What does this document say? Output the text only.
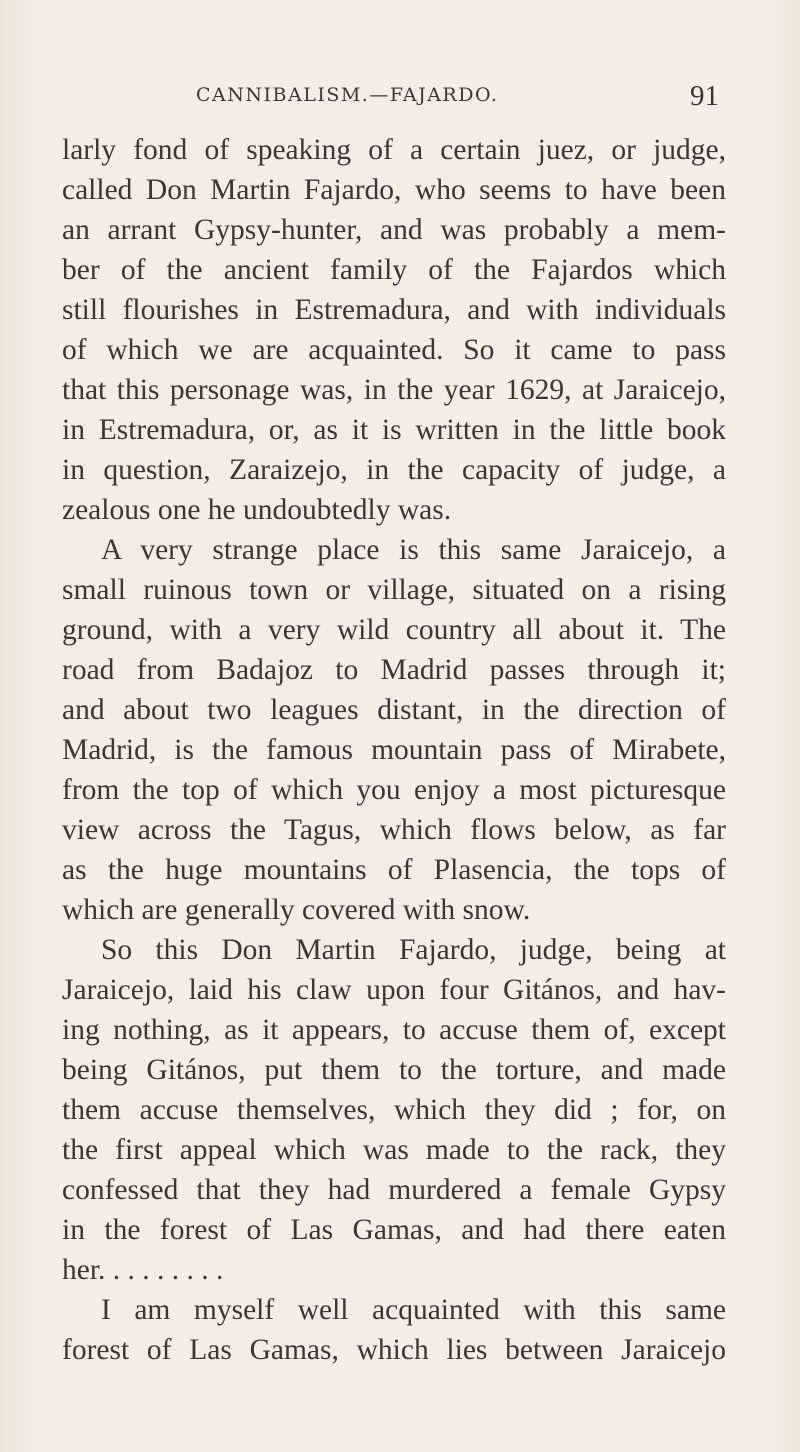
CANNIBALISM.—FAJARDO.	91
larly fond of speaking of a certain juez, or judge,
called Don Martin Fajardo, who seems to have been
an arrant Gypsy-hunter, and was probably a mem-
ber of the ancient family of the Fajardos which
still flourishes in Estremadura, and with individuals
of which we are acquainted. So it came to pass
that this personage was, in the year 1629, at Jaraicejo,
in Estremadura, or, as it is written in the little book
in question, Zaraizejo, in the capacity of judge, a
zealous one he undoubtedly was.
A very strange place is this same Jaraicejo, a
small ruinous town or village, situated on a rising
ground, with a very wild country all about it. The
road from Badajoz to Madrid passes through it;
and about two leagues distant, in the direction of
Madrid, is the famous mountain pass of Mirabete,
from the top of which you enjoy a most picturesque
view across the Tagus, which flows below, as far
as the huge mountains of Plasencia, the tops of
which are generally covered with snow.
So this Don Martin Fajardo, judge, being at
Jaraicejo, laid his claw upon four Gitános, and hav-
ing nothing, as it appears, to accuse them of, except
being Gitános, put them to the torture, and made
them accuse themselves, which they did ; for, on
the first appeal which was made to the rack, they
confessed that they had murdered a female Gypsy
in the forest of Las Gamas, and had there eaten
her. . . . . . . . .
I am myself well acquainted with this same
forest of Las Gamas, which lies between Jaraicejo
